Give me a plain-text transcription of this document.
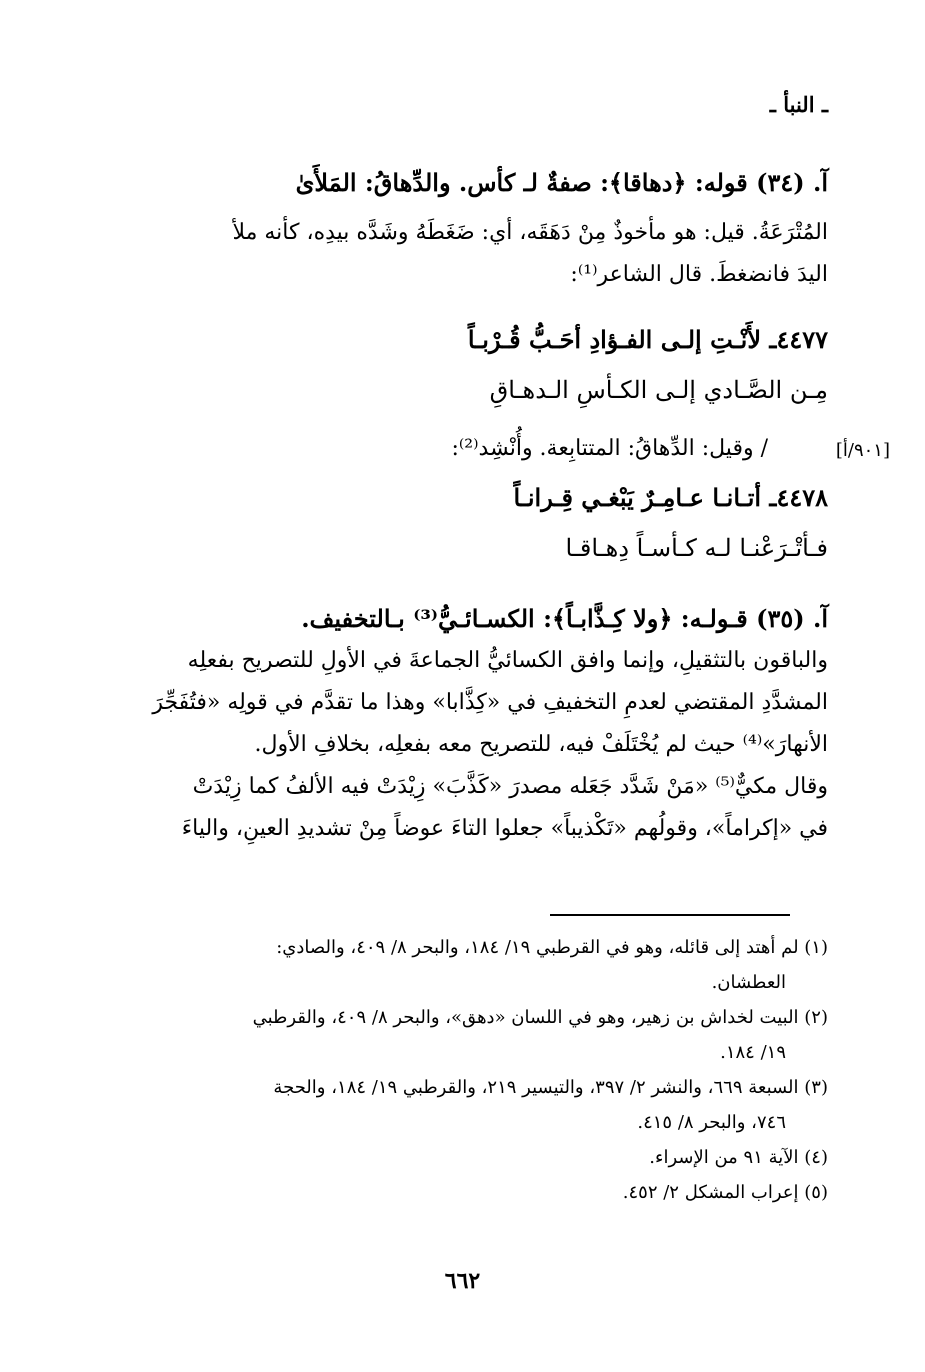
ـ النبأ ـ
آ. (٣٤) قوله: ﴿دهاقا﴾: صفةٌ لـ كأس. والدِّهاقُ: المَلأَىٰ
المُتْرَعَةُ. قيل: هو مأخوذٌ مِنْ دَهَقَه، أي: ضَغَطَهُ وشَدَّه بيدِه، كأنه ملأ
اليدَ فانضغطَ. قال الشاعر⁽¹⁾:
٤٤٧٧ـ لأَنْـتِ إلـى الفـؤادِ أحَـبُّ قُـرْبـاً
مِـن الصَّـادي إلـى الكـأسِ الـدهـاقِ
[٩٠١/أ]
/ وقيل: الدِّهاقُ: المتتابِعة. وأُنْشِد⁽²⁾:
٤٤٧٨ـ أتـانـا عـامِـرٌ يَبْغـي قِـرانـاً
فـأتْـرَعْنـا لـه كـأسـاً دِهـاقـا
آ. (٣٥) قـولـه: ﴿ولا كِـذَّابـاً﴾: الكسـائـيُّ⁽³⁾ بـالتخفيف.
والباقون بالتثقيلِ، وإنما وافق الكسائيُّ الجماعةَ في الأولِ للتصريح بفعلِه
المشدَّدِ المقتضي لعدمِ التخفيفِ في «كِذَّابا» وهذا ما تقدَّم في قولِه «فتُفَجِّرَ
الأنهارَ»⁽⁴⁾ حيث لم يُخْتَلَفْ فيه، للتصريح معه بفعلِه، بخلافِ الأول.
وقال مكيٌّ⁽⁵⁾ «مَنْ شَدَّد جَعَله مصدرَ «كَذَّبَ» زِيْدَتْ فيه الألفُ كما زِيْدَتْ
في «إكراماً»، وقولُهم «تَكْذيباً» جعلوا التاءَ عوضاً مِنْ تشديدِ العينِ، والياءَ
(١) لم أهتد إلى قائله، وهو في القرطبي ١٩/ ١٨٤، والبحر ٨/ ٤٠٩، والصادي:
العطشان.
(٢) البيت لخداش بن زهير، وهو في اللسان «دهق»، والبحر ٨/ ٤٠٩، والقرطبي
١٩/ ١٨٤.
(٣) السبعة ٦٦٩، والنشر ٢/ ٣٩٧، والتيسير ٢١٩، والقرطبي ١٩/ ١٨٤، والحجة
٧٤٦، والبحر ٨/ ٤١٥.
(٤) الآية ٩١ من الإسراء.
(٥) إعراب المشكل ٢/ ٤٥٢.
٦٦٢
